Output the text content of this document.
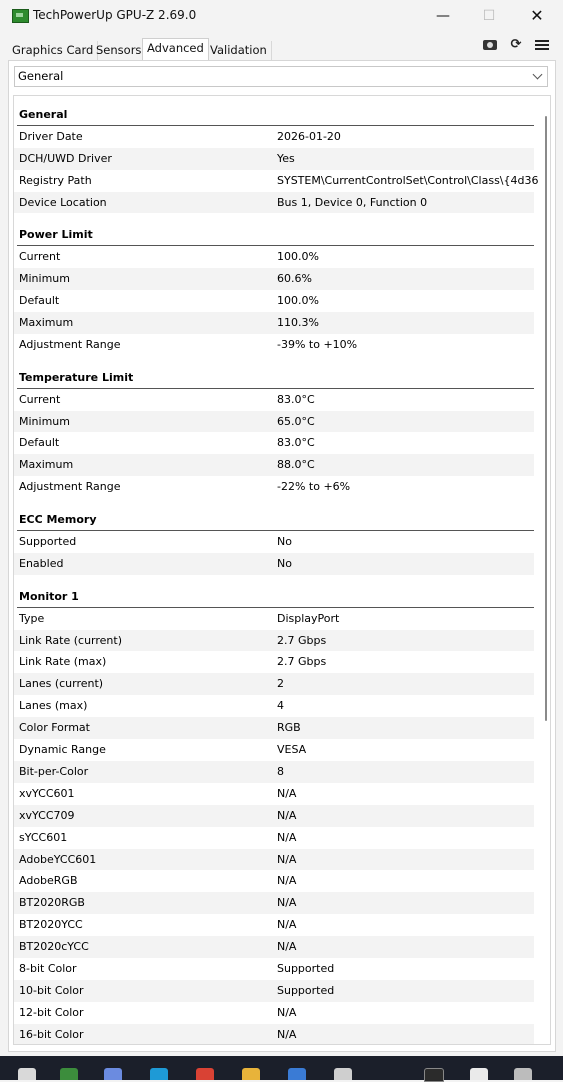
TechPowerUp GPU-Z 2.69.0	—	☐	✕
Graphics Card Sensors Advanced Validation	⟳
General
General
Driver Date	2026-01-20
DCH/UWD Driver	Yes
Registry Path	SYSTEM\CurrentControlSet\Control\Class\{4d36
Device Location	Bus 1, Device 0, Function 0
Power Limit
Current	100.0%
Minimum	60.6%
Default	100.0%
Maximum	110.3%
Adjustment Range	-39% to +10%
Temperature Limit
Current	83.0°C
Minimum	65.0°C
Default	83.0°C
Maximum	88.0°C
Adjustment Range	-22% to +6%
ECC Memory
Supported	No
Enabled	No
Monitor 1
Type	DisplayPort
Link Rate (current)	2.7 Gbps
Link Rate (max)	2.7 Gbps
Lanes (current)	2
Lanes (max)	4
Color Format	RGB
Dynamic Range	VESA
Bit-per-Color	8
xvYCC601	N/A
xvYCC709	N/A
sYCC601	N/A
AdobeYCC601	N/A
AdobeRGB	N/A
BT2020RGB	N/A
BT2020YCC	N/A
BT2020cYCC	N/A
8-bit Color	Supported
10-bit Color	Supported
12-bit Color	N/A
16-bit Color	N/A
